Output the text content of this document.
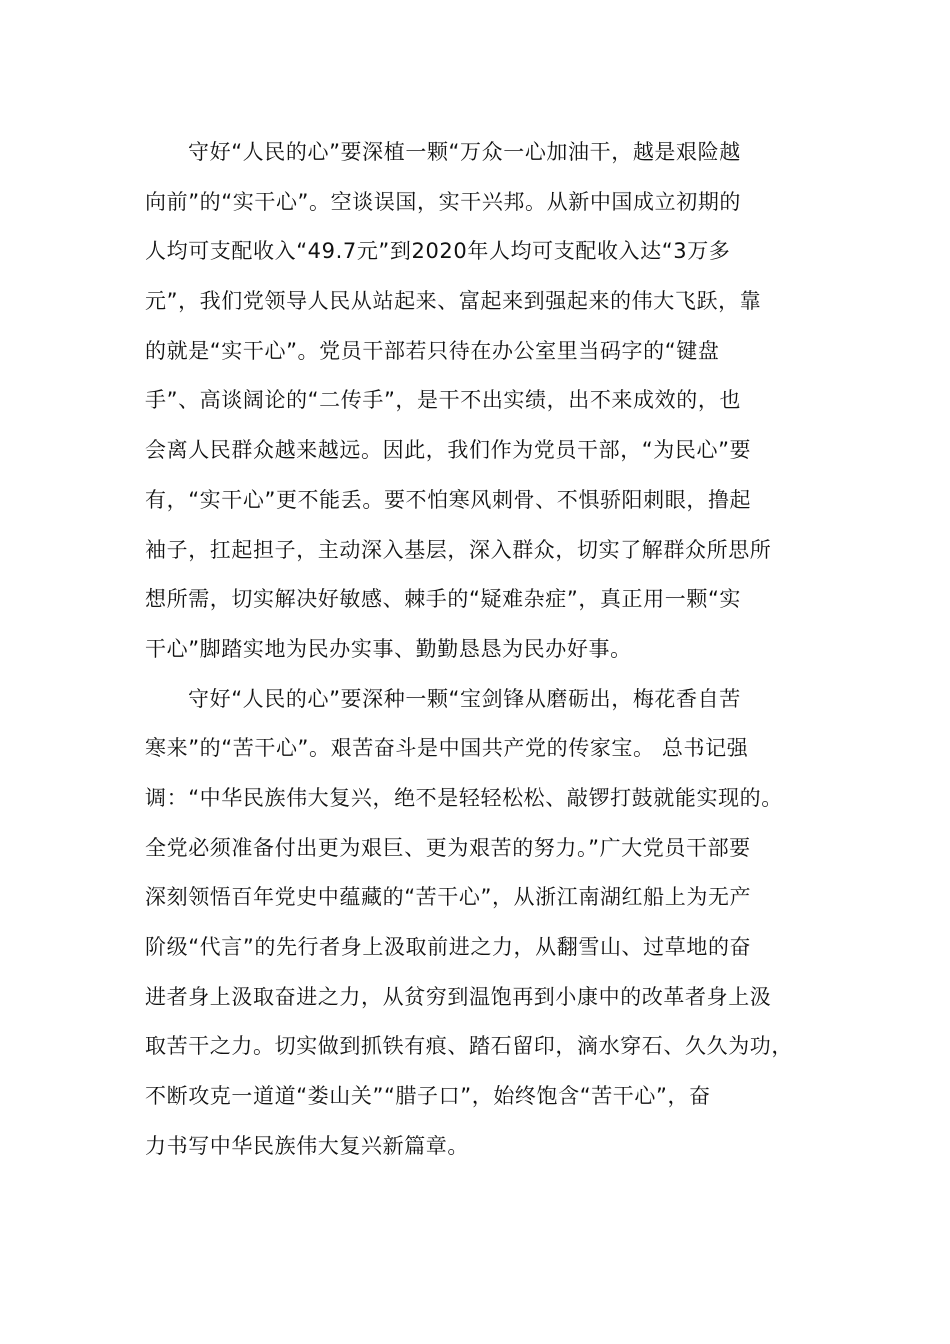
守好“人民的心”要深植一颗“万众一心加油干，越是艰险越
向前”的“实干心”。空谈误国，实干兴邦。从新中国成立初期的
人均可支配收入“49.7元”到2020年人均可支配收入达“3万多
元”，我们党领导人民从站起来、富起来到强起来的伟大飞跃，靠
的就是“实干心”。党员干部若只待在办公室里当码字的“键盘
手”、高谈阔论的“二传手”，是干不出实绩，出不来成效的，也
会离人民群众越来越远。因此，我们作为党员干部，“为民心”要
有，“实干心”更不能丢。要不怕寒风刺骨、不惧骄阳刺眼，撸起
袖子，扛起担子，主动深入基层，深入群众，切实了解群众所思所
想所需，切实解决好敏感、棘手的“疑难杂症”，真正用一颗“实
干心”脚踏实地为民办实事、勤勤恳恳为民办好事。

守好“人民的心”要深种一颗“宝剑锋从磨砺出，梅花香自苦
寒来”的“苦干心”。艰苦奋斗是中国共产党的传家宝。 总书记强
调：“中华民族伟大复兴，绝不是轻轻松松、敲锣打鼓就能实现的。
全党必须准备付出更为艰巨、更为艰苦的努力。”广大党员干部要
深刻领悟百年党史中蕴藏的“苦干心”，从浙江南湖红船上为无产
阶级“代言”的先行者身上汲取前进之力，从翻雪山、过草地的奋
进者身上汲取奋进之力，从贫穷到温饱再到小康中的改革者身上汲
取苦干之力。切实做到抓铁有痕、踏石留印，滴水穿石、久久为功，
不断攻克一道道“娄山关”“腊子口”，始终饱含“苦干心”，奋
力书写中华民族伟大复兴新篇章。
